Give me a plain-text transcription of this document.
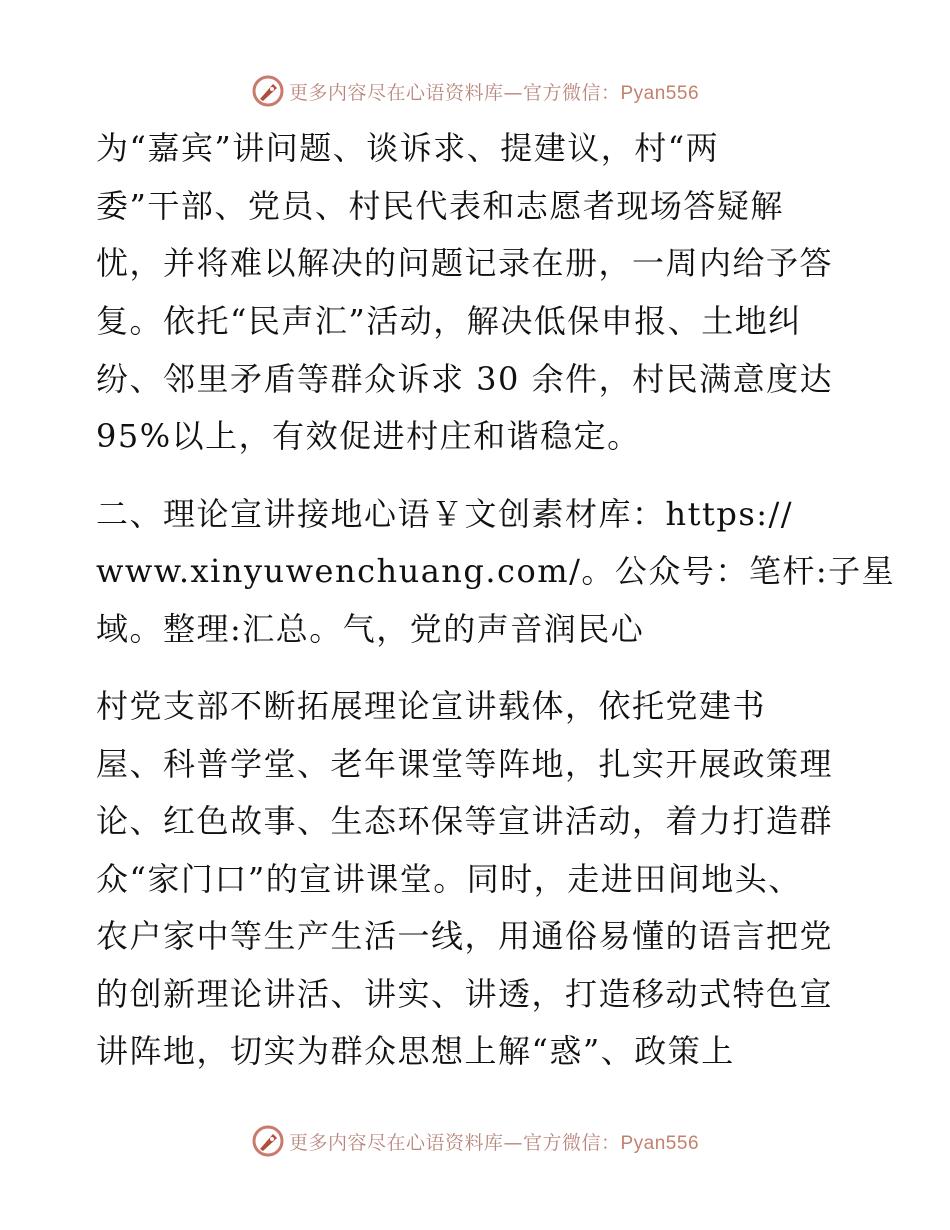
更多内容尽在心语资料库—官方微信：Pyan556
为“嘉宾”讲问题、谈诉求、提建议，村“两
委”干部、党员、村民代表和志愿者现场答疑解
忧，并将难以解决的问题记录在册，一周内给予答
复。依托“民声汇”活动，解决低保申报、土地纠
纷、邻里矛盾等群众诉求 30 余件，村民满意度达
95%以上，有效促进村庄和谐稳定。
二、理论宣讲接地心语￥文创素材库：https://
www.xinyuwenchuang.com/。公众号：笔杆:子星
域。整理:汇总。气，党的声音润民心
村党支部不断拓展理论宣讲载体，依托党建书
屋、科普学堂、老年课堂等阵地，扎实开展政策理
论、红色故事、生态环保等宣讲活动，着力打造群
众“家门口”的宣讲课堂。同时，走进田间地头、
农户家中等生产生活一线，用通俗易懂的语言把党
的创新理论讲活、讲实、讲透，打造移动式特色宣
讲阵地，切实为群众思想上解“惑”、政策上
更多内容尽在心语资料库—官方微信：Pyan556
